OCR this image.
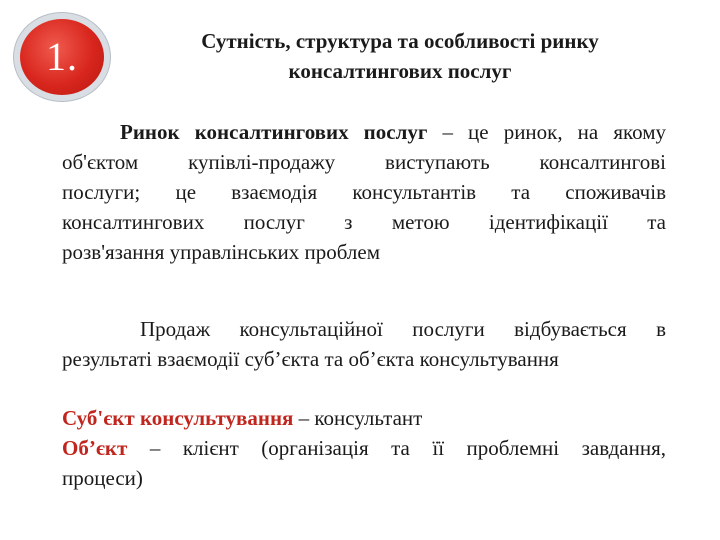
1.	Сутність, структура та особливості ринку
консалтингових послуг
Ринок консалтингових послуг – це ринок, на якому
об'єктом купівлі-продажу виступають консалтингові
послуги; це взаємодія консультантів та споживачів
консалтингових послуг з метою ідентифікації та
розв'язання управлінських проблем
Продаж консультаційної послуги відбувається в
результаті взаємодії суб’єкта та об’єкта консультування
Суб'єкт консультування – консультант
Об’єкт – клієнт (організація та її проблемні завдання,
процеси)
